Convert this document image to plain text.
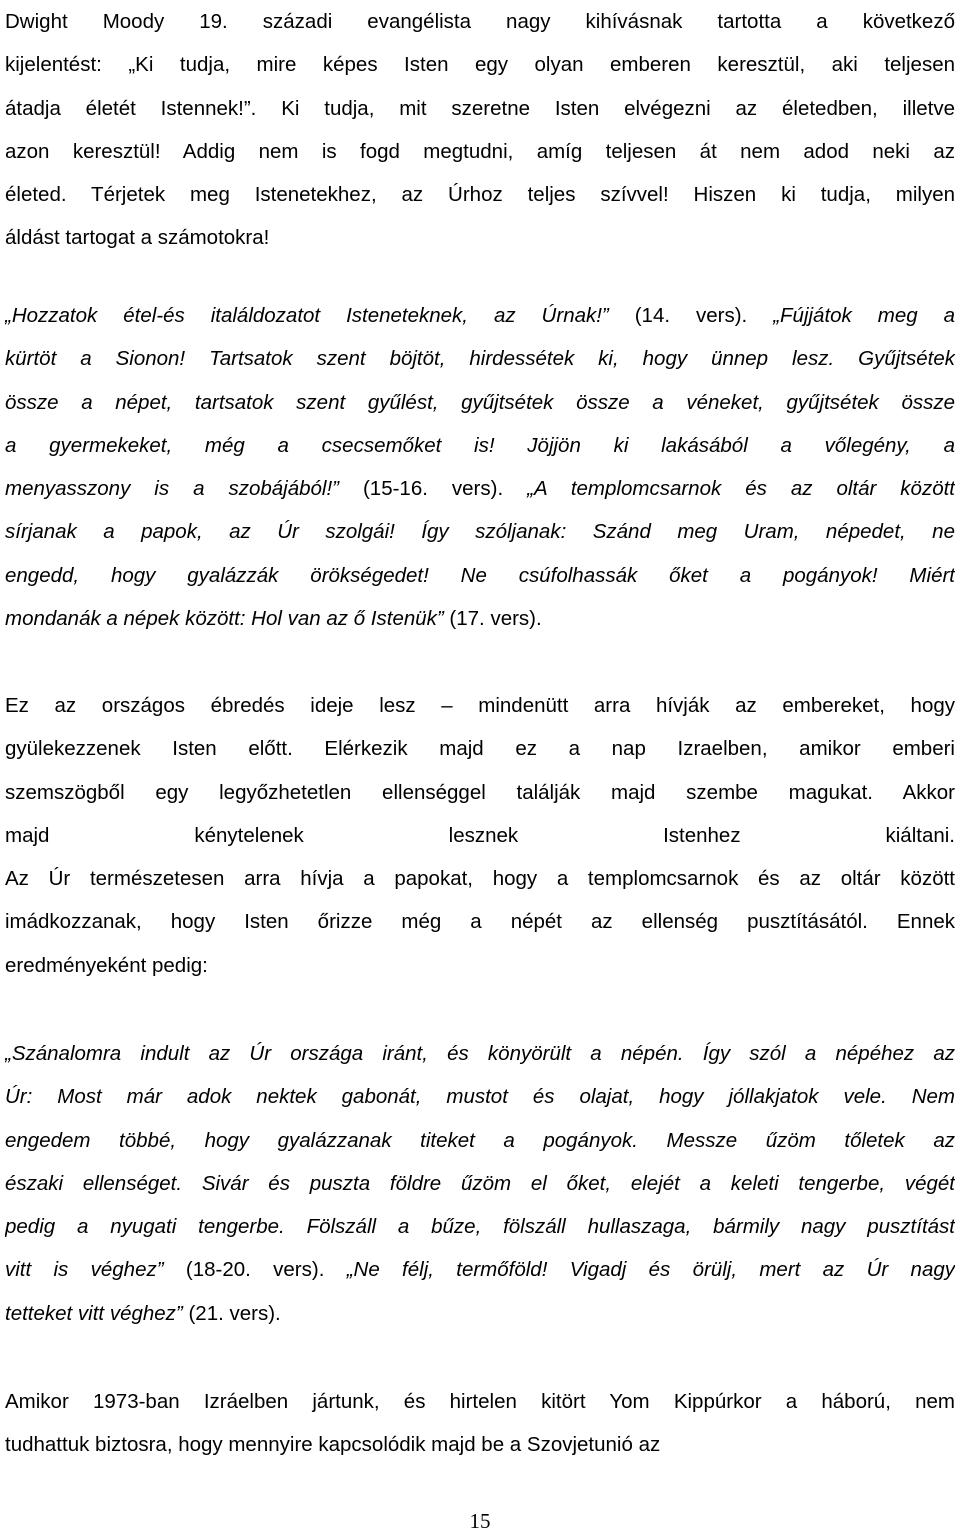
Dwight Moody 19. századi evangélista nagy kihívásnak tartotta a következő
kijelentést: „Ki tudja, mire képes Isten egy olyan emberen keresztül, aki teljesen
átadja életét Istennek!”. Ki tudja, mit szeretne Isten elvégezni az életedben, illetve
azon keresztül! Addig nem is fogd megtudni, amíg teljesen át nem adod neki az
életed. Térjetek meg Istenetekhez, az Úrhoz teljes szívvel! Hiszen ki tudja, milyen
áldást tartogat a számotokra!
„Hozzatok étel-és italáldozatot Isteneteknek, az Úrnak!” (14. vers). „Fújjátok meg a
kürtöt a Sionon! Tartsatok szent böjtöt, hirdessétek ki, hogy ünnep lesz. Gyűjtsétek
össze a népet, tartsatok szent gyűlést, gyűjtsétek össze a véneket, gyűjtsétek össze
a gyermekeket, még a csecsemőket is! Jöjjön ki lakásából a vőlegény, a
menyasszony is a szobájából!” (15-16. vers). „A templomcsarnok és az oltár között
sírjanak a papok, az Úr szolgái! Így szóljanak: Szánd meg Uram, népedet, ne
engedd, hogy gyalázzák örökségedet! Ne csúfolhassák őket a pogányok! Miért
mondanák a népek között: Hol van az ő Istenük” (17. vers).
Ez az országos ébredés ideje lesz – mindenütt arra hívják az embereket, hogy
gyülekezzenek Isten előtt. Elérkezik majd ez a nap Izraelben, amikor emberi
szemszögből egy legyőzhetetlen ellenséggel találják majd szembe magukat. Akkor
majd kénytelenek lesznek Istenhez kiáltani.
Az Úr természetesen arra hívja a papokat, hogy a templomcsarnok és az oltár között
imádkozzanak, hogy Isten őrizze még a népét az ellenség pusztításától. Ennek
eredményeként pedig:
„Szánalomra indult az Úr országa iránt, és könyörült a népén. Így szól a népéhez az
Úr: Most már adok nektek gabonát, mustot és olajat, hogy jóllakjatok vele. Nem
engedem többé, hogy gyalázzanak titeket a pogányok. Messze űzöm tőletek az
északi ellenséget. Sivár és puszta földre űzöm el őket, elejét a keleti tengerbe, végét
pedig a nyugati tengerbe. Fölszáll a bűze, fölszáll hullaszaga, bármily nagy pusztítást
vitt is véghez” (18-20. vers). „Ne félj, termőföld! Vigadj és örülj, mert az Úr nagy
tetteket vitt véghez” (21. vers).
Amikor 1973-ban Izráelben jártunk, és hirtelen kitört Yom Kippúrkor a háború, nem
tudhattuk biztosra, hogy mennyire kapcsolódik majd be a Szovjetunió az
15
